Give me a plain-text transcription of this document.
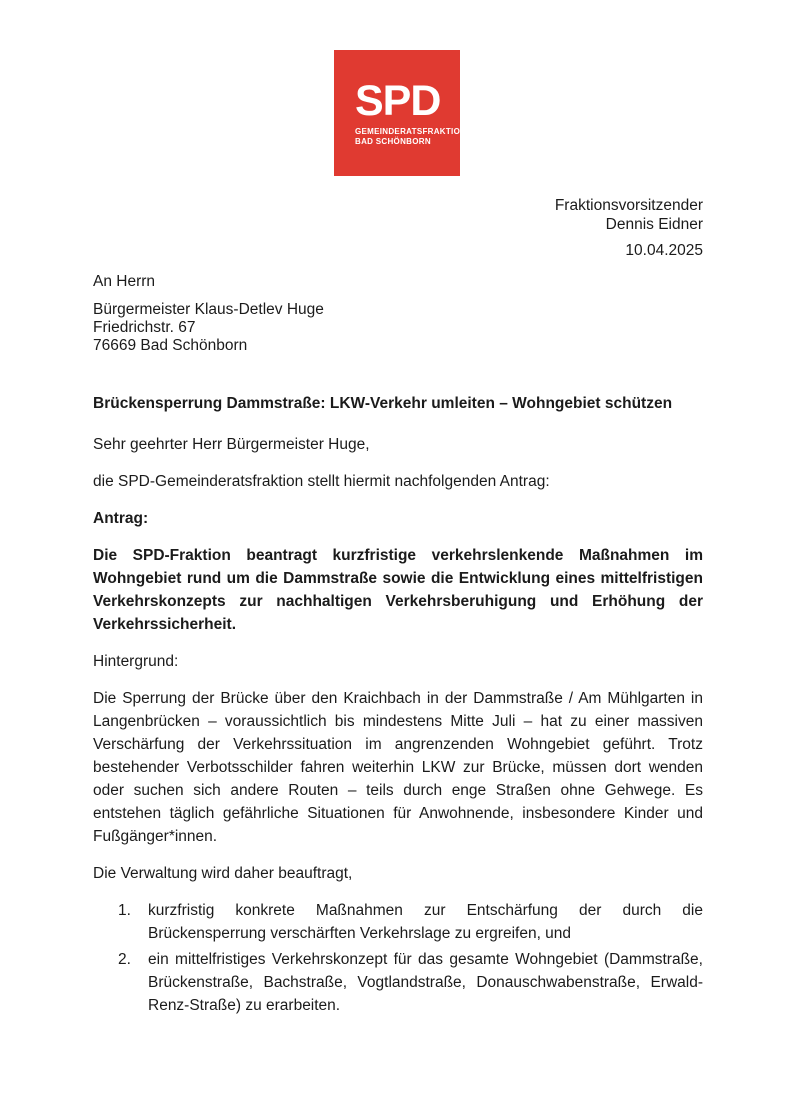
SPD
GEMEINDERATSFRAKTION
BAD SCHÖNBORN
Fraktionsvorsitzender
Dennis Eidner
10.04.2025
An Herrn
Bürgermeister Klaus-Detlev Huge
Friedrichstr. 67
76669 Bad Schönborn

Brückensperrung Dammstraße: LKW-Verkehr umleiten – Wohngebiet schützen

Sehr geehrter Herr Bürgermeister Huge,

die SPD-Gemeinderatsfraktion stellt hiermit nachfolgenden Antrag:

Antrag:

Die SPD-Fraktion beantragt kurzfristige verkehrslenkende Maßnahmen im Wohngebiet rund um die Dammstraße sowie die Entwicklung eines mittelfristigen Verkehrskonzepts zur nachhaltigen Verkehrsberuhigung und Erhöhung der Verkehrssicherheit.

Hintergrund:

Die Sperrung der Brücke über den Kraichbach in der Dammstraße / Am Mühlgarten in Langenbrücken – voraussichtlich bis mindestens Mitte Juli – hat zu einer massiven Verschärfung der Verkehrssituation im angrenzenden Wohngebiet geführt. Trotz bestehender Verbotsschilder fahren weiterhin LKW zur Brücke, müssen dort wenden oder suchen sich andere Routen – teils durch enge Straßen ohne Gehwege. Es entstehen täglich gefährliche Situationen für Anwohnende, insbesondere Kinder und Fußgänger*innen.

Die Verwaltung wird daher beauftragt,

1.	kurzfristig konkrete Maßnahmen zur Entschärfung der durch die Brückensperrung verschärften Verkehrslage zu ergreifen, und
2.	ein mittelfristiges Verkehrskonzept für das gesamte Wohngebiet (Dammstraße, Brückenstraße, Bachstraße, Vogtlandstraße, Donauschwabenstraße, Erwald-Renz-Straße) zu erarbeiten.
